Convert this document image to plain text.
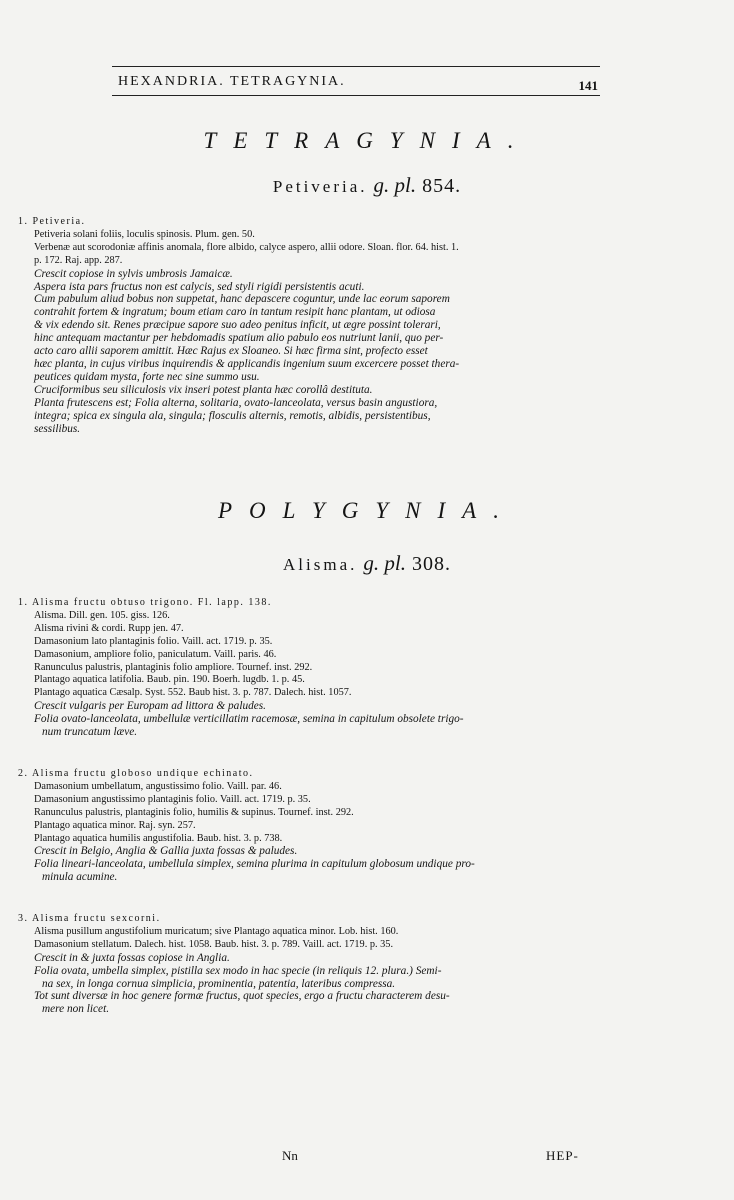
HEXANDRIA. TETRAGYNIA.	141
TETRAGYNIA.
Petiveria. g. pl. 854.
1. Petiveria.
Petiveria solani foliis, loculis spinosis. Plum. gen. 50.
Verbenæ aut scorodoniæ affinis anomala, flore albido, calyce aspero, allii odore. Sloan. flor. 64. hist. 1.
p. 172. Raj. app. 287.
Crescit copiose in sylvis umbrosis Jamaicæ.
Aspera ista pars fructus non est calycis, sed styli rigidi persistentis acuti.
Cum pabulum aliud bobus non suppetat, hanc depascere coguntur, unde lac eorum saporem
contrahit fortem & ingratum; boum etiam caro in tantum resipit hanc plantam, ut odiosa
& vix edendo sit. Renes præcipue sapore suo adeo penitus inficit, ut ægre possint tolerari,
hinc antequam mactantur per hebdomadis spatium alio pabulo eos nutriunt lanii, quo per-
acto caro allii saporem amittit. Hæc Rajus ex Sloaneo. Si hæc firma sint, profecto esset
hæc planta, in cujus viribus inquirendis & applicandis ingenium suum excercere posset thera-
peutices quidam mysta, forte nec sine summo usu.
Cruciformibus seu siliculosis vix inseri potest planta hæc corollâ destituta.
Planta frutescens est; Folia alterna, solitaria, ovato-lanceolata, versus basin angustiora,
integra; spica ex singula ala, singula; flosculis alternis, remotis, albidis, persistentibus,
sessilibus.
POLYGYNIA.
Alisma. g. pl. 308.
1. Alisma fructu obtuso trigono. Fl. lapp. 138.
Alisma. Dill. gen. 105. giss. 126.
Alisma rivini & cordi. Rupp jen. 47.
Damasonium lato plantaginis folio. Vaill. act. 1719. p. 35.
Damasonium, ampliore folio, paniculatum. Vaill. paris. 46.
Ranunculus palustris, plantaginis folio ampliore. Tournef. inst. 292.
Plantago aquatica latifolia. Baub. pin. 190. Boerh. lugdb. 1. p. 45.
Plantago aquatica Cæsalp. Syst. 552. Baub hist. 3. p. 787. Dalech. hist. 1057.
Crescit vulgaris per Europam ad littora & paludes.
Folia ovato-lanceolata, umbellulæ verticillatim racemosæ, semina in capitulum obsolete trigo-
num truncatum læve.
2. Alisma fructu globoso undique echinato.
Damasonium umbellatum, angustissimo folio. Vaill. par. 46.
Damasonium angustissimo plantaginis folio. Vaill. act. 1719. p. 35.
Ranunculus palustris, plantaginis folio, humilis & supinus. Tournef. inst. 292.
Plantago aquatica minor. Raj. syn. 257.
Plantago aquatica humilis angustifolia. Baub. hist. 3. p. 738.
Crescit in Belgio, Anglia & Gallia juxta fossas & paludes.
Folia lineari-lanceolata, umbellula simplex, semina plurima in capitulum globosum undique pro-
minula acumine.
3. Alisma fructu sexcorni.
Alisma pusillum angustifolium muricatum; sive Plantago aquatica minor. Lob. hist. 160.
Damasonium stellatum. Dalech. hist. 1058. Baub. hist. 3. p. 789. Vaill. act. 1719. p. 35.
Crescit in & juxta fossas copiose in Anglia.
Folia ovata, umbella simplex, pistilla sex modo in hac specie (in reliquis 12. plura.) Semi-
na sex, in longa cornua simplicia, prominentia, patentia, lateribus compressa.
Tot sunt diversæ in hoc genere formæ fructus, quot species, ergo a fructu characterem desu-
mere non licet.
Nn	HEP-
